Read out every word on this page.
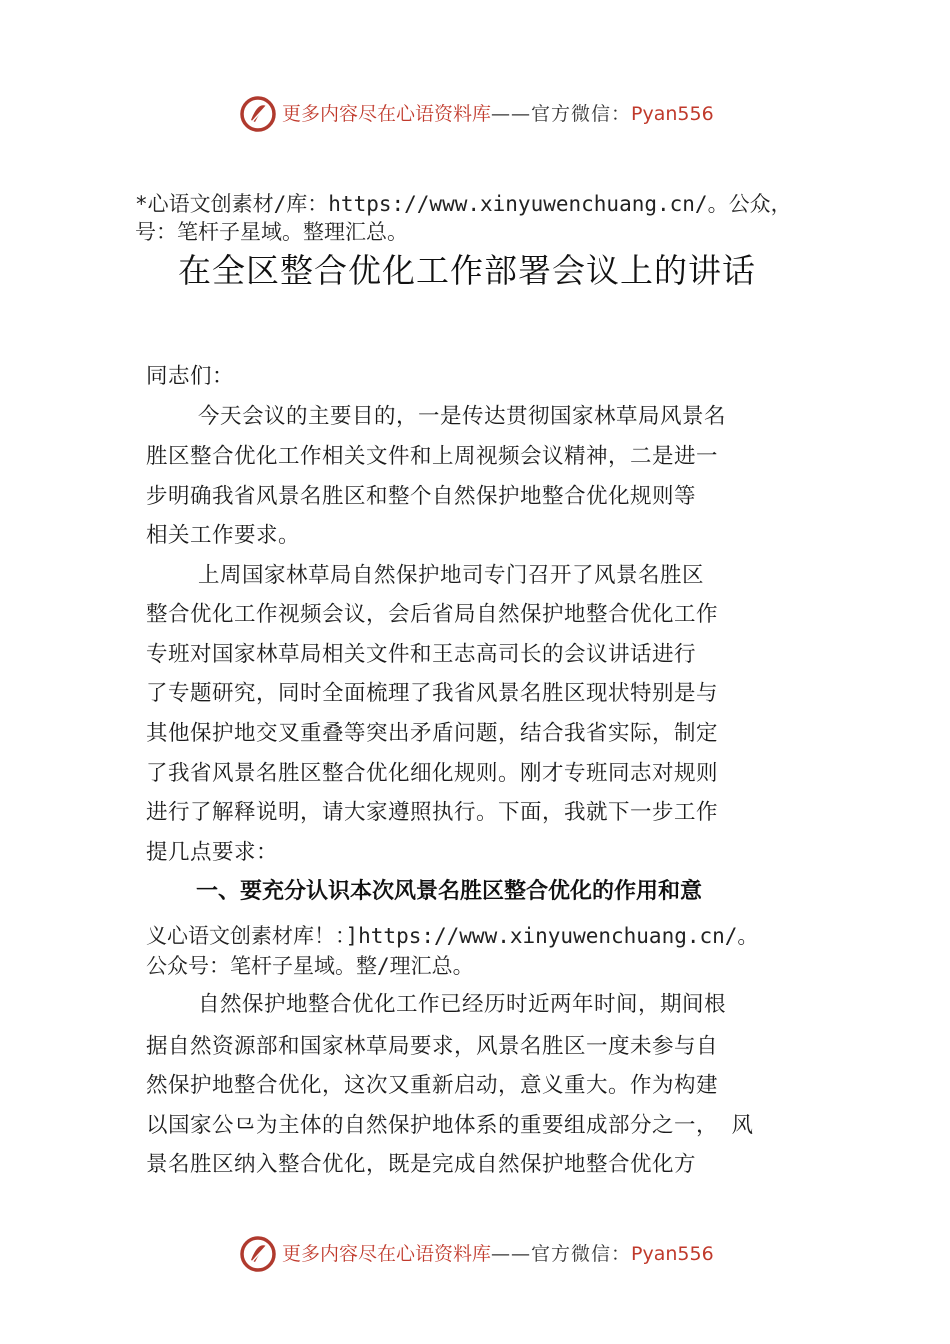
更多内容尽在心语资料库——官方微信：Pyan556
*心语文创素材/库：https://www.xinyuwenchuang.cn/。公众，
号：笔杆子星域。整理汇总。
在全区整合优化工作部署会议上的讲话
同志们：
今天会议的主要目的，一是传达贯彻国家林草局风景名
胜区整合优化工作相关文件和上周视频会议精神，二是进一
步明确我省风景名胜区和整个自然保护地整合优化规则等
相关工作要求。
上周国家林草局自然保护地司专门召开了风景名胜区
整合优化工作视频会议，会后省局自然保护地整合优化工作
专班对国家林草局相关文件和王志高司长的会议讲话进行
了专题研究，同时全面梳理了我省风景名胜区现状特别是与
其他保护地交叉重叠等突出矛盾问题，结合我省实际，制定
了我省风景名胜区整合优化细化规则。刚才专班同志对规则
进行了解释说明，请大家遵照执行。下面，我就下一步工作
提几点要求：
一、要充分认识本次风景名胜区整合优化的作用和意
义心语文创素材库！：]https://www.xinyuwenchuang.cn/。
公众号：笔杆子星域。整/理汇总。
自然保护地整合优化工作已经历时近两年时间，期间根
据自然资源部和国家林草局要求，风景名胜区一度未参与自
然保护地整合优化，这次又重新启动，意义重大。作为构建
以国家公⺋为主体的自然保护地体系的重要组成部分之一， 风
景名胜区纳入整合优化，既是完成自然保护地整合优化方
更多内容尽在心语资料库——官方微信：Pyan556
